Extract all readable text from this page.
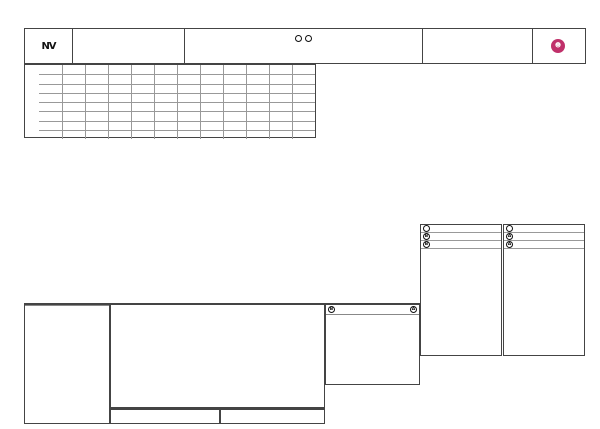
NV
	☻

B

B

A

A

B	A
